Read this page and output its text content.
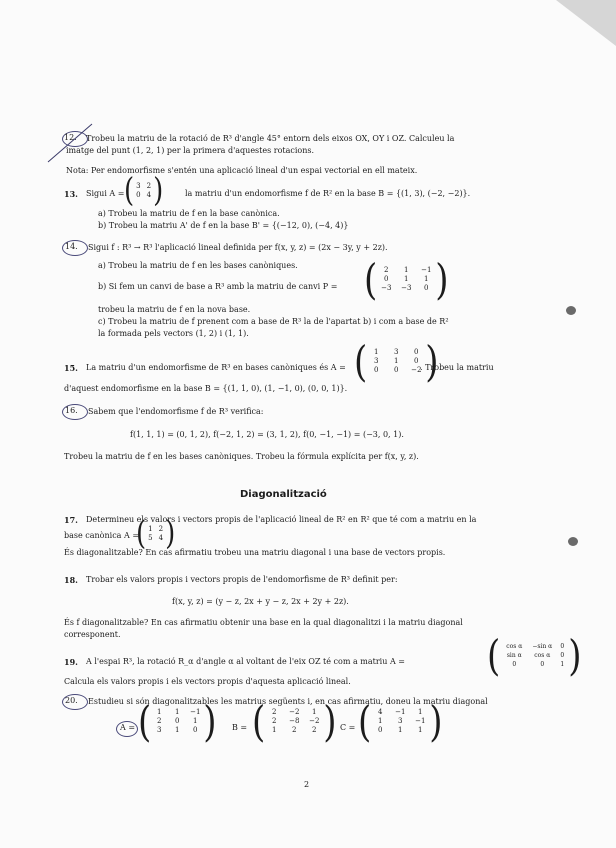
12. Trobeu la matriu de la rotació de R³ d'angle 45° entorn dels eixos OX, OY i OZ. Calculeu la
imatge del punt (1, 2, 1) per la primera d'aquestes rotacions.
Nota: Per endomorfisme s'entén una aplicació lineal d'un espai vectorial en ell mateix.
13. Sigui A = ( 3 2
0 4 )	la matriu d'un endomorfisme f de R² en la base B = {(1, 3), (−2, −2)}.
a) Trobeu la matriu de f en la base canònica.
b) Trobeu la matriu A' de f en la base B' = {(−12, 0), (−4, 4)}
14. Sigui f : R³ → R³ l'aplicació lineal definida per f(x, y, z) = (2x − 3y, y + 2z).
a) Trobeu la matriu de f en les bases canòniques.
b) Si fem un canvi de base a R³ amb la matriu de canvi P = ( 2	1	−1
0	1	1
−3 −3	0 )
trobeu la matriu de f en la nova base.
c) Trobeu la matriu de f prenent com a base de R³ la de l'apartat b) i com a base de R²
la formada pels vectors (1, 2) i (1, 1).
15. La matriu d'un endomorfisme de R³ en bases canòniques és A = ( 1	3	0
3	1	0
0	0	−2 )
. Trobeu la matriu
d'aquest endomorfisme en la base B = {(1, 1, 0), (1, −1, 0), (0, 0, 1)}.
16. Sabem que l'endomorfisme f de R³ verifica:
f(1, 1, 1) = (0, 1, 2), f(−2, 1, 2) = (3, 1, 2), f(0, −1, −1) = (−3, 0, 1).
Trobeu la matriu de f en les bases canòniques. Trobeu la fórmula explícita per f(x, y, z).
Diagonalització
17. Determineu els valors i vectors propis de l'aplicació lineal de R² en R² que té com a matriu en la
base canònica A =
( 1 2
5 4 )
És diagonalitzable? En cas afirmatiu trobeu una matriu diagonal i una base de vectors propis.
18. Trobar els valors propis i vectors propis de l'endomorfisme de R³ definit per:
f(x, y, z) = (y − z, 2x + y − z, 2x + 2y + 2z).
És f diagonalitzable? En cas afirmatiu obtenir una base en la qual diagonalitzi i la matriu diagonal
corresponent.
19. A l'espai R³, la rotació R_α d'angle α al voltant de l'eix OZ té com a matriu A = ( cos α	−sin α	0
sin α	cos α	0
0	0	1 )
Calcula els valors propis i els vectors propis d'aquesta aplicació lineal.
20. Estudieu si són diagonalitzables les matrius següents i, en cas afirmatiu, doneu la matriu diagonal
A = ( 1	1	−1
2	0	1
3	1	0 ) B = ( 2	−2	1
2	−8 −2
1	2	2 ) C = ( 4	−1	1
1	3	−1
0	1	1 )
2
